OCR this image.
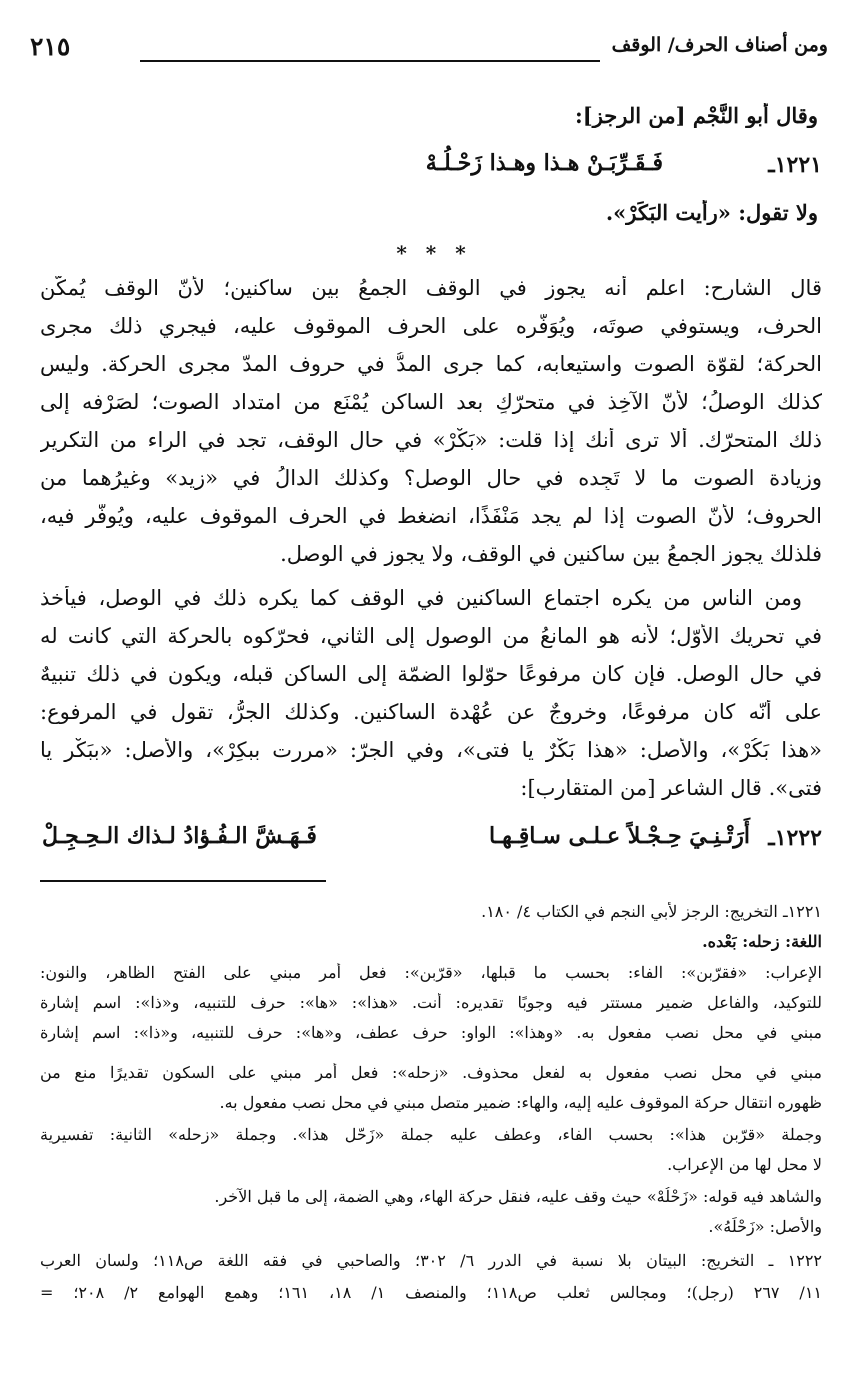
ومن أصناف الحرف/ الوقف
٢١٥
وقال أبو النَّجْم [من الرجز]:
١٢٢١ـ
فَـقَـرِّبَـنْ هـذا وهـذا زَحْـلُـهْ
ولا تقول: «رأيت البَكَرْ».
* * *
قال الشارح: اعلم أنه يجوز في الوقف الجمعُ بين ساكنين؛ لأنّ الوقف يُمكّن
الحرف، ويستوفي صوتَه، ويُوَفّره على الحرف الموقوف عليه، فيجري ذلك مجرى
الحركة؛ لقوّة الصوت واستيعابه، كما جرى المدُّ في حروف المدّ مجرى الحركة. وليس
كذلك الوصلُ؛ لأنّ الآخِذ في متحرّكٍ بعد الساكن يُمْنَع من امتداد الصوت؛ لصَرْفه إلى
ذلك المتحرّك. ألا ترى أنك إذا قلت: «بَكْرْ» في حال الوقف، تجد في الراء من التكرير
وزيادة الصوت ما لا تَجِده في حال الوصل؟ وكذلك الدالُ في «زيد» وغيرُهما من
الحروف؛ لأنّ الصوت إذا لم يجد مَنْفَذًا، انضغط في الحرف الموقوف عليه، ويُوفَّر فيه،
فلذلك يجوز الجمعُ بين ساكنين في الوقف، ولا يجوز في الوصل.
ومن الناس من يكره اجتماع الساكنين في الوقف كما يكره ذلك في الوصل، فيأخذ
في تحريك الأوّل؛ لأنه هو المانعُ من الوصول إلى الثاني، فحرّكوه بالحركة التي كانت له
في حال الوصل. فإن كان مرفوعًا حوّلوا الضمّة إلى الساكن قبله، ويكون في ذلك تنبيهٌ
على أنّه كان مرفوعًا، وخروجٌ عن عُهْدة الساكنين. وكذلك الجرُّ، تقول في المرفوع:
«هذا بَكُرْ»، والأصل: «هذا بَكْرٌ يا فتى»، وفي الجرّ: «مررت ببكِرْ»، والأصل: «ببَكْرٍ يا
فتى». قال الشاعر [من المتقارب]:
١٢٢٢ـ
أَرَتْـنِـيَ حِـجْـلاً عـلـى سـاقِـهـا
فَـهَـشَّ الـفُـؤادُ لـذاك الـحِـجِـلْ
١٢٢١ـ التخريج: الرجز لأبي النجم في الكتاب ٤/ ١٨٠.
اللغة: زحله: بَعْده.
الإعراب: «فقرّبن»: الفاء: بحسب ما قبلها، «قرّبن»: فعل أمر مبني على الفتح الظاهر، والنون:
للتوكيد، والفاعل ضمير مستتر فيه وجوبًا تقديره: أنت. «هذا»: «ها»: حرف للتنبيه، و«ذا»: اسم إشارة
مبني في محل نصب مفعول به. «وهذا»: الواو: حرف عطف، و«ها»: حرف للتنبيه، و«ذا»: اسم إشارة
مبني في محل نصب مفعول به لفعل محذوف. «زحله»: فعل أمر مبني على السكون تقديرًا منع من
ظهوره انتقال حركة الموقوف عليه إليه، والهاء: ضمير متصل مبني في محل نصب مفعول به.
وجملة «قرّبن هذا»: بحسب الفاء، وعطف عليه جملة «زَحّل هذا». وجملة «زحله» الثانية: تفسيرية
لا محل لها من الإعراب.
والشاهد فيه قوله: «زَحْلُهْ» حيث وقف عليه، فنقل حركة الهاء، وهي الضمة، إلى ما قبل الآخر.
والأصل: «زَحْلَهُ».
١٢٢٢ ـ التخريج: البيتان بلا نسبة في الدرر ٦/ ٣٠٢؛ والصاحبي في فقه اللغة ص١١٨؛ ولسان العرب
١١/ ٢٦٧ (رجل)؛ ومجالس ثعلب ص١١٨؛ والمنصف ١/ ١٨، ١٦١؛ وهمع الهوامع ٢/ ٢٠٨؛ =
